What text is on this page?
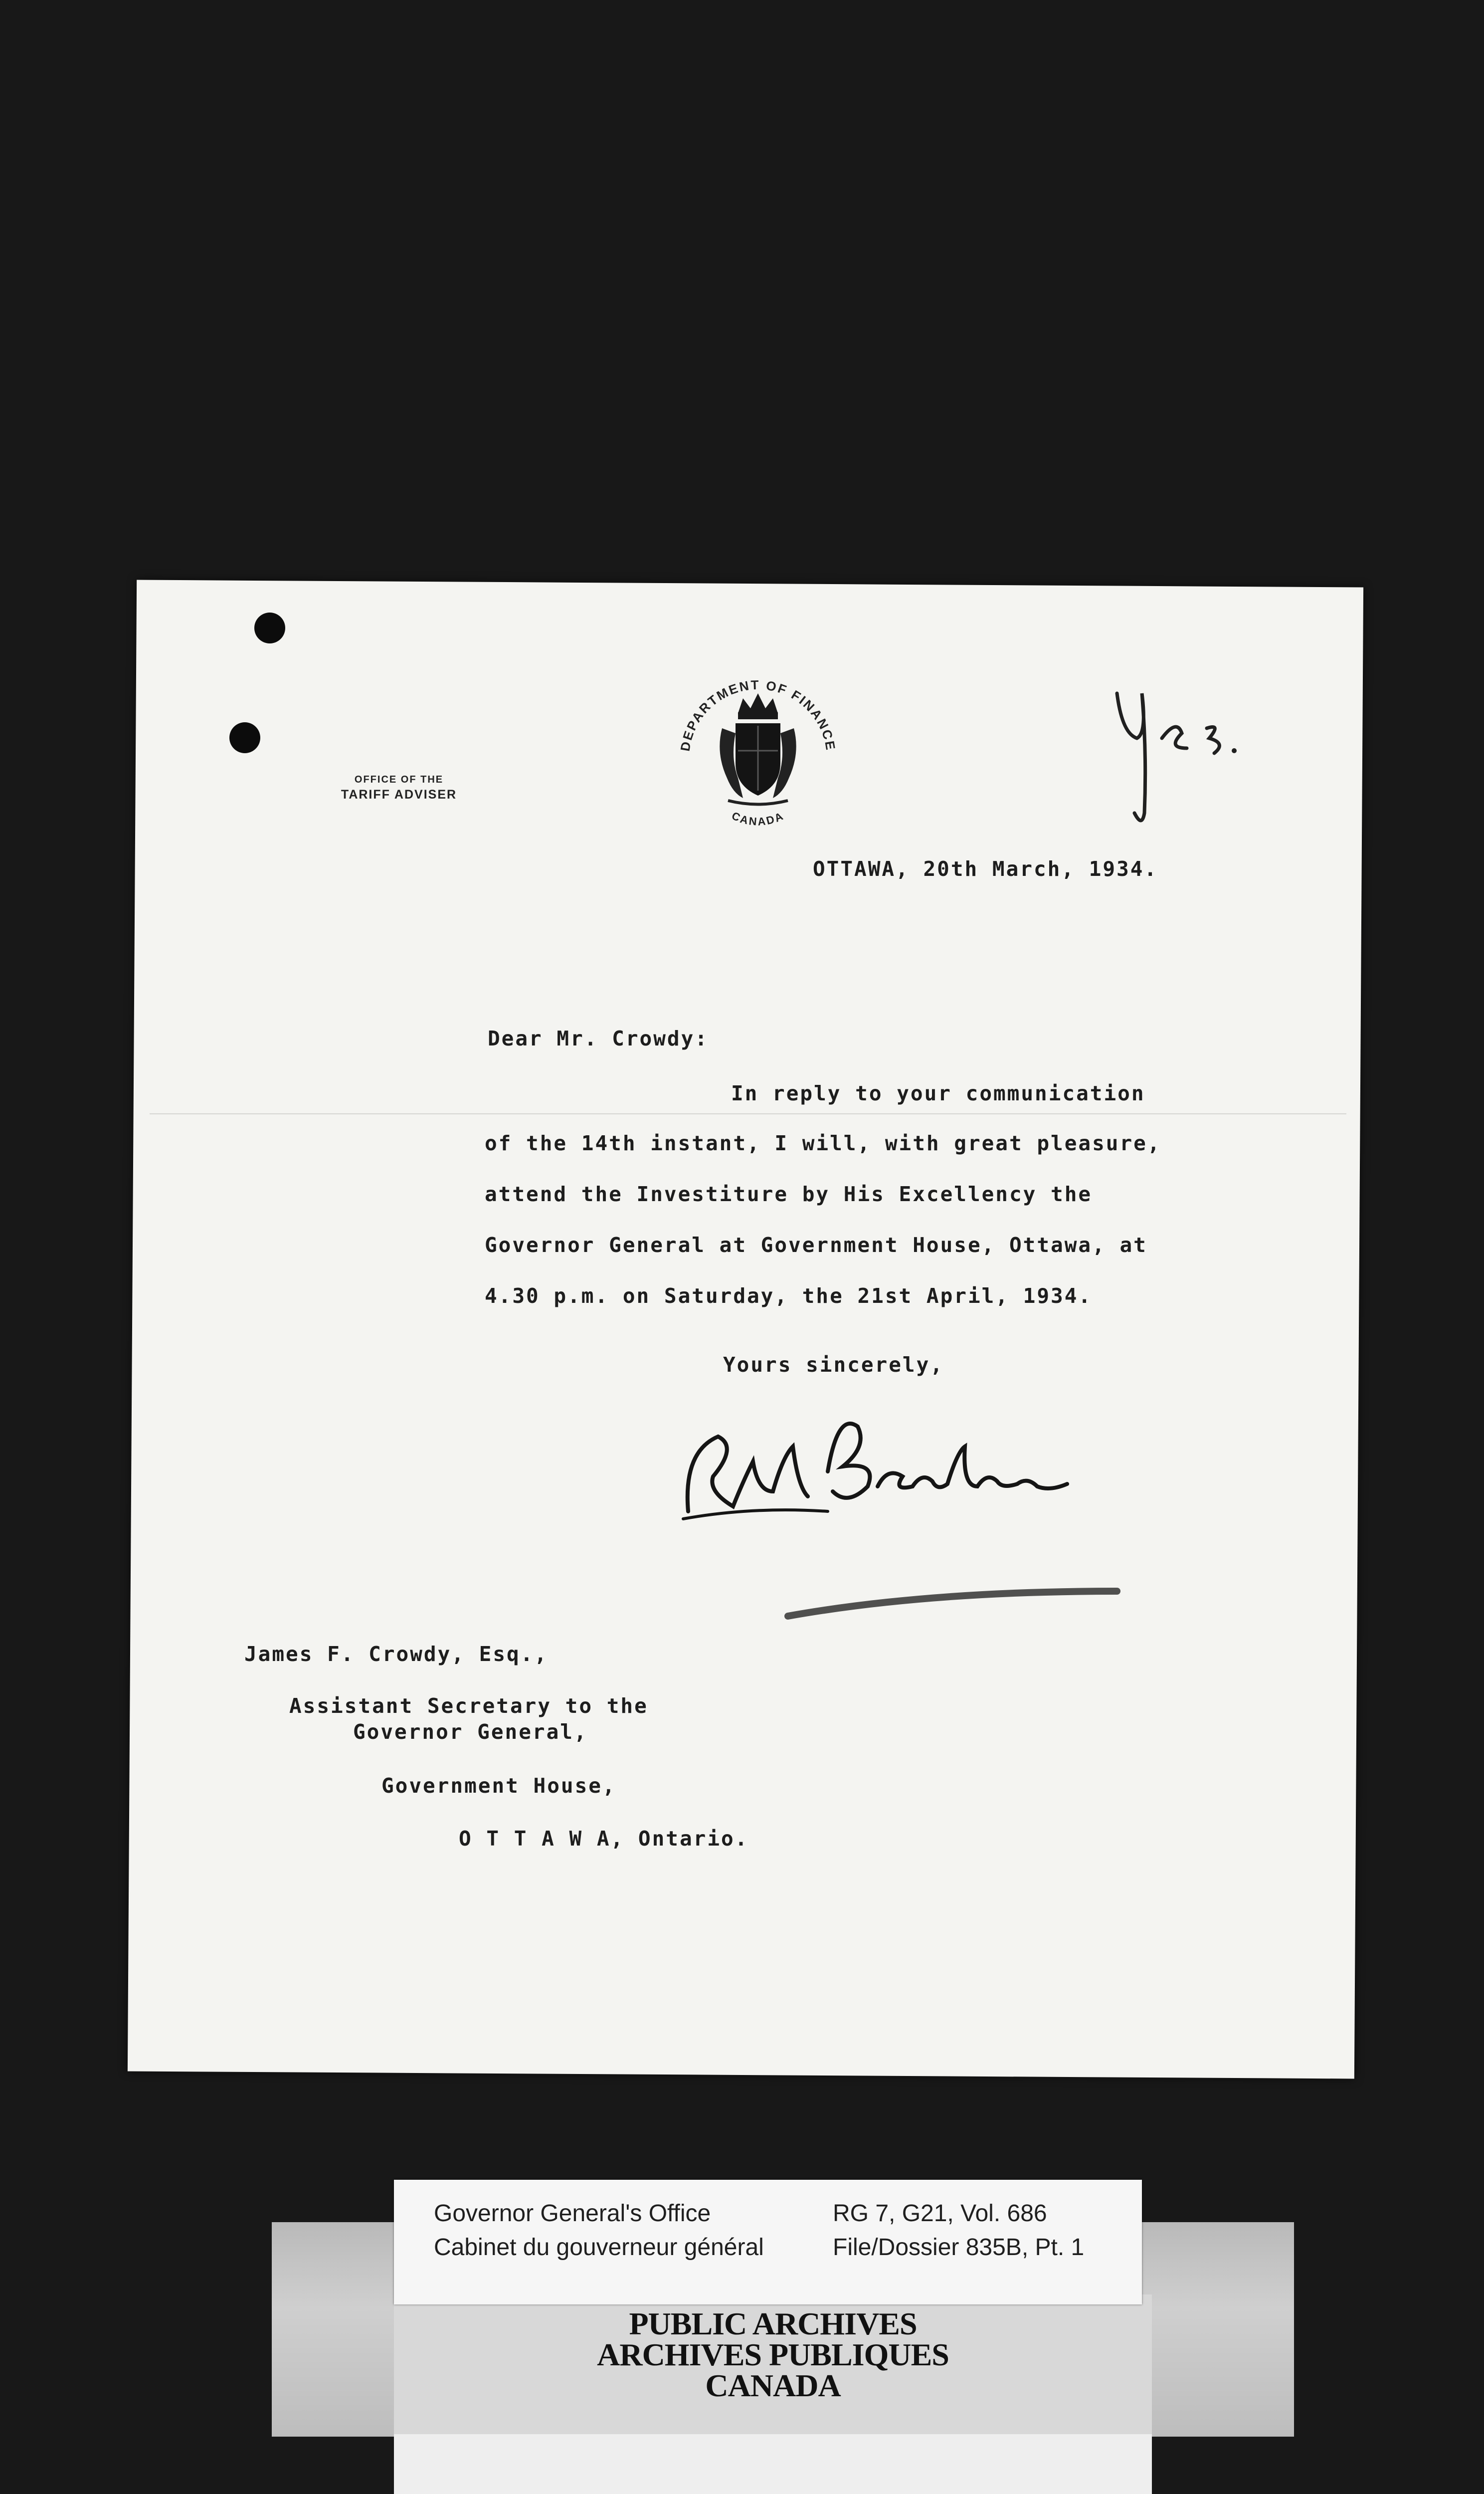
OFFICE OF THE
TARIFF ADVISER
DEPARTMENT OF FINANCE
CANADA
OTTAWA, 20th March, 1934.
Dear Mr. Crowdy:
In reply to your communication
of the 14th instant, I will, with great pleasure,
attend the Investiture by His Excellency the
Governor General at Government House, Ottawa, at
4.30 p.m. on Saturday, the 21st April, 1934.
Yours sincerely,
James F. Crowdy, Esq.,
Assistant Secretary to the
Governor General,
Government House,
O T T A W A, Ontario.
PUBLIC ARCHIVES
ARCHIVES PUBLIQUES
CANADA
Governor General's Office
Cabinet du gouverneur général
RG 7, G21, Vol. 686
File/Dossier 835B, Pt. 1
